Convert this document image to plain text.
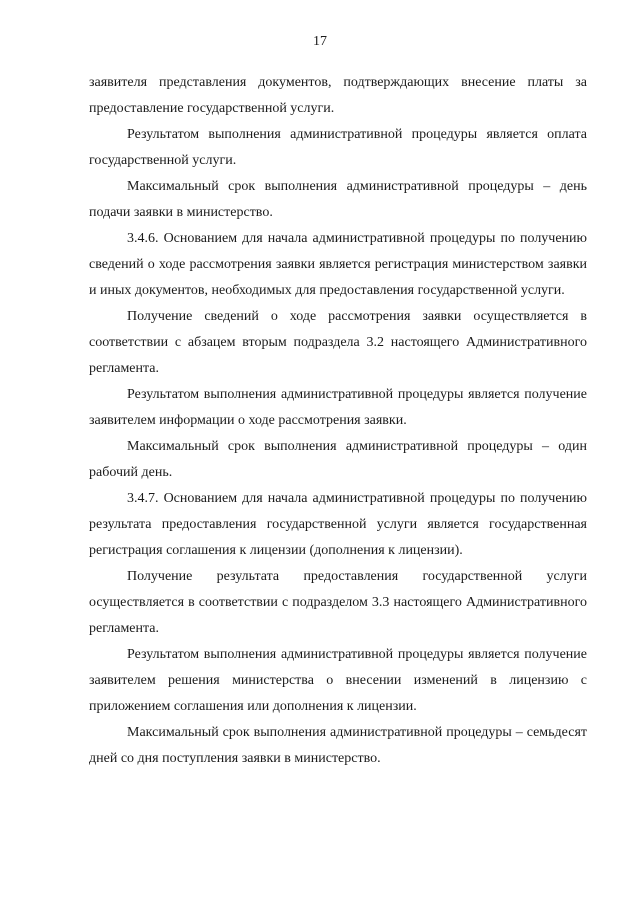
17

заявителя представления документов, подтверждающих внесение платы за предоставление государственной услуги.

Результатом выполнения административной процедуры является оплата государственной услуги.

Максимальный срок выполнения административной процедуры – день подачи заявки в министерство.

3.4.6. Основанием для начала административной процедуры по получению сведений о ходе рассмотрения заявки является регистрация министерством заявки и иных документов, необходимых для предоставления государственной услуги.

Получение сведений о ходе рассмотрения заявки осуществляется в соответствии с абзацем вторым подраздела 3.2 настоящего Административного регламента.

Результатом выполнения административной процедуры является получение заявителем информации о ходе рассмотрения заявки.

Максимальный срок выполнения административной процедуры – один рабочий день.

3.4.7. Основанием для начала административной процедуры по получению результата предоставления государственной услуги является государственная регистрация соглашения к лицензии (дополнения к лицензии).

Получение результата предоставления государственной услуги осуществляется в соответствии с подразделом 3.3 настоящего Административного регламента.

Результатом выполнения административной процедуры является получение заявителем решения министерства о внесении изменений в лицензию с приложением соглашения или дополнения к лицензии.

Максимальный срок выполнения административной процедуры – семьдесят дней со дня поступления заявки в министерство.
